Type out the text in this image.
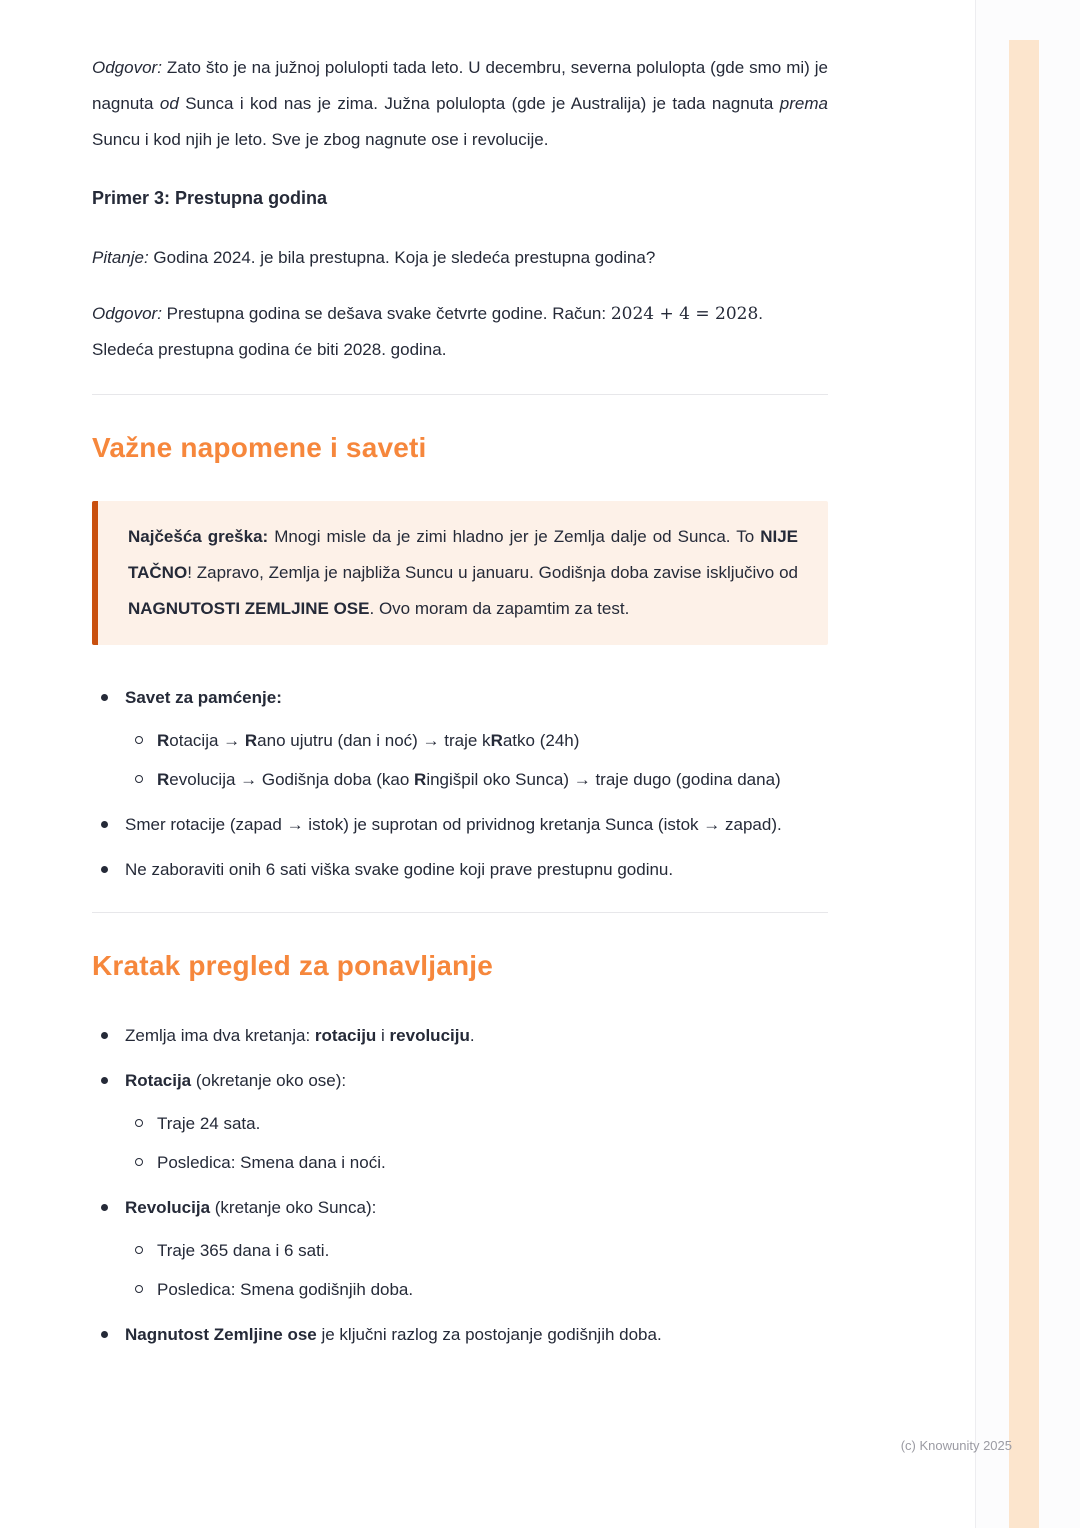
(c) Knowunity 2025

Odgovor: Zato što je na južnoj polulopti tada leto. U decembru, severna polulopta (gde smo mi) je nagnuta od Sunca i kod nas je zima. Južna polulopta (gde je Australija) je tada nagnuta prema Suncu i kod njih je leto. Sve je zbog nagnute ose i revolucije.

Primer 3: Prestupna godina

Pitanje: Godina 2024. je bila prestupna. Koja je sledeća prestupna godina?

Odgovor: Prestupna godina se dešava svake četvrte godine. Račun: 2024 + 4 = 2028. Sledeća prestupna godina će biti 2028. godina.

Važne napomene i saveti
Najčešća greška: Mnogi misle da je zimi hladno jer je Zemlja dalje od Sunca. To NIJE TAČNO! Zapravo, Zemlja je najbliža Suncu u januaru. Godišnja doba zavise isključivo od NAGNUTOSTI ZEMLJINE OSE. Ovo moram da zapamtim za test.
Savet za pamćenje:
Rotacija → Rano ujutru (dan i noć) → traje kRatko (24h)
Revolucija → Godišnja doba (kao Ringišpil oko Sunca) → traje dugo (godina dana)
Smer rotacije (zapad → istok) je suprotan od prividnog kretanja Sunca (istok → zapad).
Ne zaboraviti onih 6 sati viška svake godine koji prave prestupnu godinu.
Kratak pregled za ponavljanje
Zemlja ima dva kretanja: rotaciju i revoluciju.
Rotacija (okretanje oko ose):
Traje 24 sata.
Posledica: Smena dana i noći.
Revolucija (kretanje oko Sunca):
Traje 365 dana i 6 sati.
Posledica: Smena godišnjih doba.
Nagnutost Zemljine ose je ključni razlog za postojanje godišnjih doba.
